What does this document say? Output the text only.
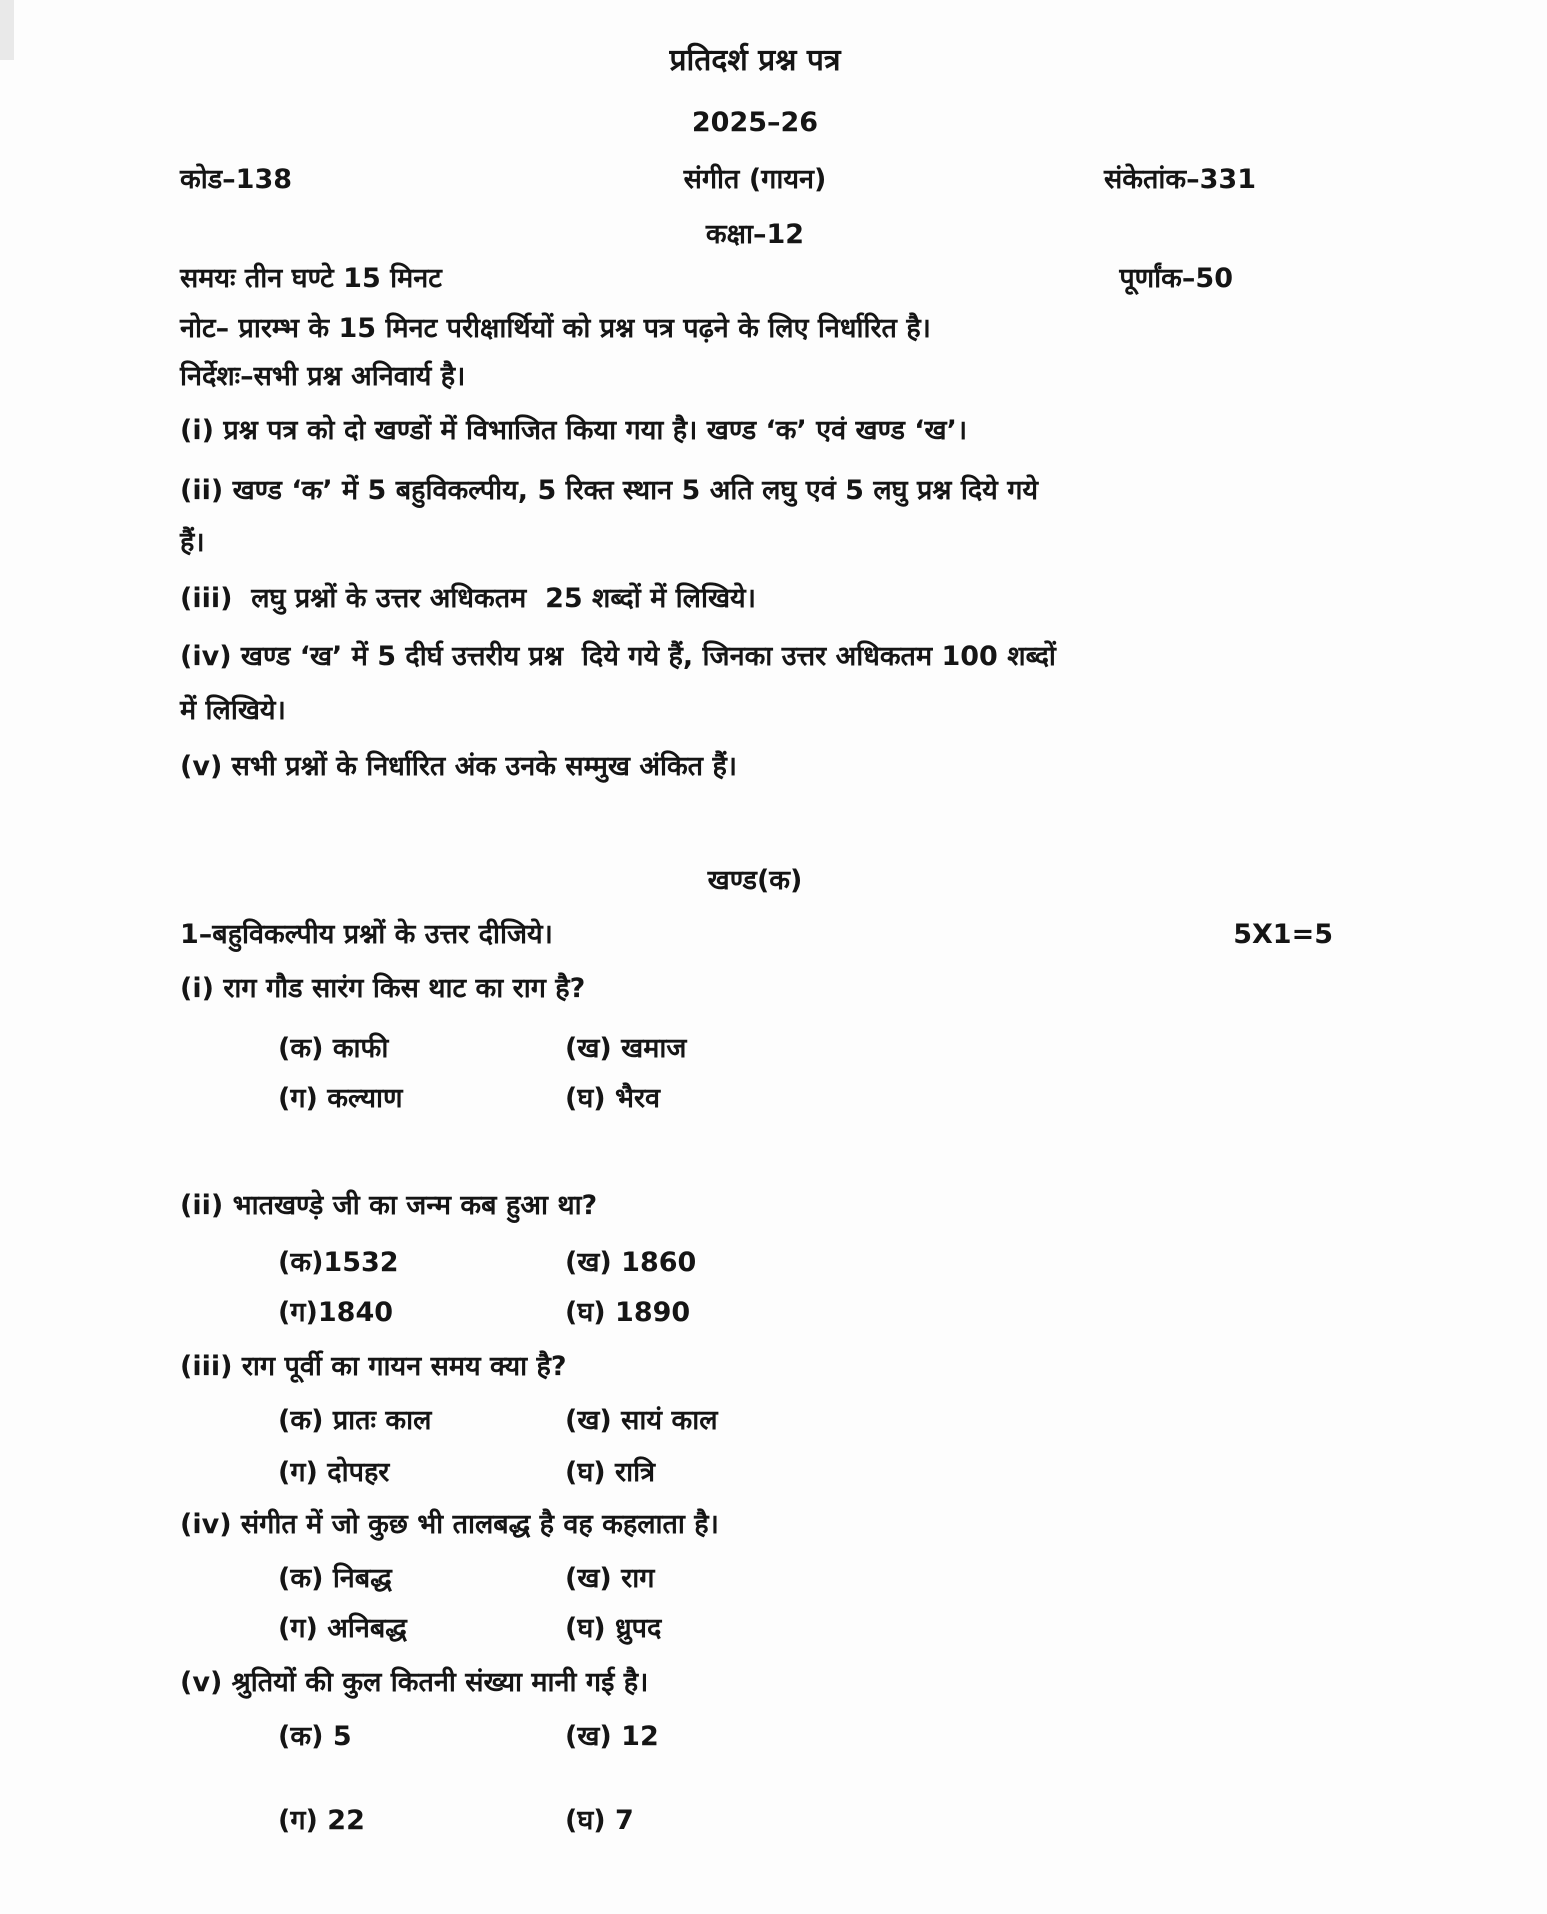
प्रतिदर्श प्रश्न पत्र
2025–26
कोड–138	संगीत (गायन)	संकेतांक–331
कक्षा–12
समयः तीन घण्टे 15 मिनट	पूर्णांक–50
नोट– प्रारम्भ के 15 मिनट परीक्षार्थियों को प्रश्न पत्र पढ़ने के लिए निर्धारित है।
निर्देशः–सभी प्रश्न अनिवार्य है।
(i) प्रश्न पत्र को दो खण्डों में विभाजित किया गया है। खण्ड ‘क’ एवं खण्ड ‘ख’।
(ii) खण्ड ‘क’ में 5 बहुविकल्पीय, 5 रिक्त स्थान 5 अति लघु एवं 5 लघु प्रश्न दिये गये
हैं।
(iii)  लघु प्रश्नों के उत्तर अधिकतम  25 शब्दों में लिखिये।
(iv) खण्ड ‘ख’ में 5 दीर्घ उत्तरीय प्रश्न  दिये गये हैं, जिनका उत्तर अधिकतम 100 शब्दों
में लिखिये।
(v) सभी प्रश्नों के निर्धारित अंक उनके सम्मुख अंकित हैं।
खण्ड(क)
1–बहुविकल्पीय प्रश्नों के उत्तर दीजिये।	5X1=5
(i) राग गौड सारंग किस थाट का राग है?
(क) काफी	(ख) खमाज
(ग) कल्याण	(घ) भैरव
(ii) भातखण्ड़े जी का जन्म कब हुआ था?
(क)1532	(ख) 1860
(ग)1840	(घ) 1890
(iii) राग पूर्वी का गायन समय क्या है?
(क) प्रातः काल	(ख) सायं काल
(ग) दोपहर	(घ) रात्रि
(iv) संगीत में जो कुछ भी तालबद्ध है वह कहलाता है।
(क) निबद्ध	(ख) राग
(ग) अनिबद्ध	(घ) ध्रुपद
(v) श्रुतियों की कुल कितनी संख्या मानी गई है।
(क) 5	(ख) 12
(ग) 22	(घ) 7
